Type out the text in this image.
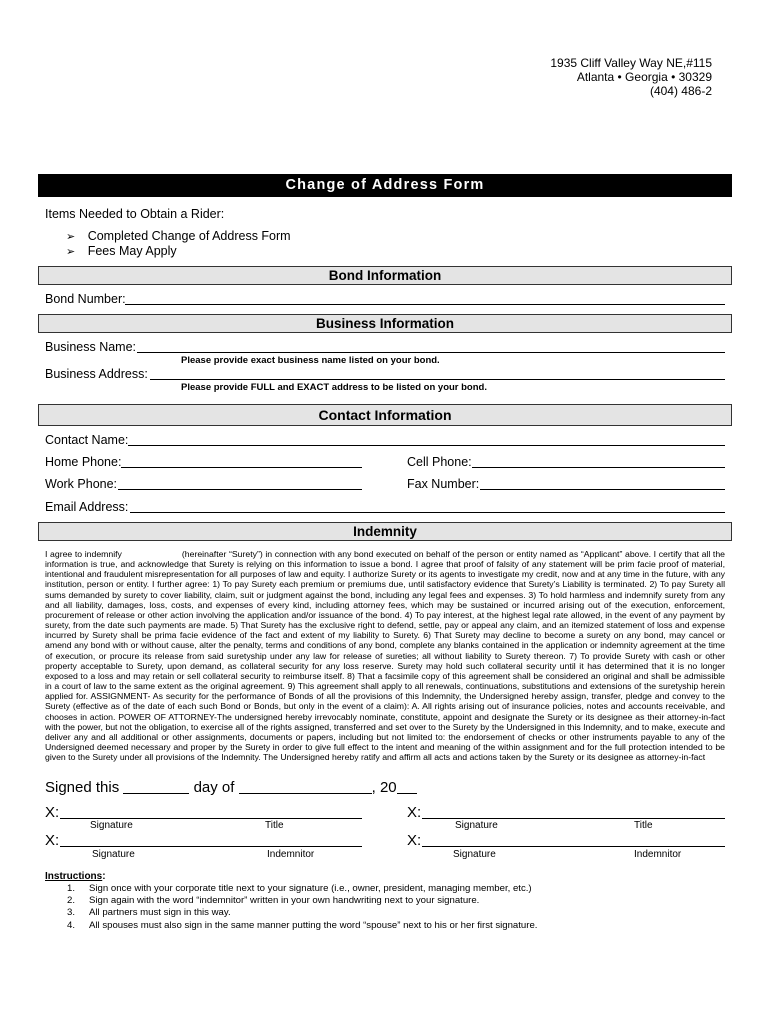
1935 Cliff Valley Way NE,#115
Atlanta • Georgia • 30329
(404) 486-2
Change of Address Form
Items Needed to Obtain a Rider:
➢ Completed Change of Address Form
➢ Fees May Apply
Bond Information
Bond Number:
Business Information
Business Name:
Please provide exact business name listed on your bond.
Business Address:
Please provide FULL and EXACT address to be listed on your bond.
Contact Information
Contact Name:
Home Phone:	Cell Phone:
Work Phone:	Fax Number:
Email Address:
Indemnity

I agree to indemnify	(hereinafter “Surety”) in connection with any bond executed on behalf of the person or entity named as “Applicant” above. I certify that all the information is true, and acknowledge that Surety is relying on this information to issue a bond. I agree that proof of falsity of any statement will be prim facie proof of material, intentional and fraudulent misrepresentation for all purposes of law and equity. I authorize Surety or its agents to investigate my credit, now and at any time in the future, with any institution, person or entity. I further agree: 1) To pay Surety each premium or premiums due, until satisfactory evidence that Surety’s Liability is terminated. 2) To pay Surety all sums demanded by surety to cover liability, claim, suit or judgment against the bond, including any legal fees and expenses. 3) To hold harmless and indemnify surety from any and all liability, damages, loss, costs, and expenses of every kind, including attorney fees, which may be sustained or incurred arising out of the execution, enforcement, procurement of release or other action involving the application and/or issuance of the bond. 4) To pay interest, at the highest legal rate allowed, in the event of any payment by surety, from the date such payments are made. 5) That Surety has the exclusive right to defend, settle, pay or appeal any claim, and an itemized statement of loss and expense incurred by Surety shall be prima facie evidence of the fact and extent of my liability to Surety. 6) That Surety may decline to become a surety on any bond, may cancel or amend any bond with or without cause, alter the penalty, terms and conditions of any bond, complete any blanks contained in the application or indemnity agreement at the time of execution, or procure its release from said suretyship under any law for release of sureties; all without liability to Surety thereon. 7) To provide Surety with cash or other property acceptable to Surety, upon demand, as collateral security for any loss reserve. Surety may hold such collateral security until it has determined that it is no longer exposed to a loss and may retain or sell collateral security to reimburse itself. 8) That a facsimile copy of this agreement shall be considered an original and shall be admissible in a court of law to the same extent as the original agreement. 9) This agreement shall apply to all renewals, continuations, substitutions and extensions of the suretyship herein applied for. ASSIGNMENT- As security for the performance of Bonds of all the provisions of this Indemnity, the Undersigned hereby assign, transfer, pledge and convey to the Surety (effective as of the date of each such Bond or Bonds, but only in the event of a claim): A. All rights arising out of insurance policies, notes and accounts receivable, and chooses in action. POWER OF ATTORNEY-The undersigned hereby irrevocably nominate, constitute, appoint and designate the Surety or its designee as their attorney-in-fact with the power, but not the obligation, to exercise all of the rights assigned, transferred and set over to the Surety by the Undersigned in this Indemnity, and to make, execute and deliver any and all additional or other assignments, documents or papers, including but not limited to: the endorsement of checks or other instruments payable to any of the Undersigned deemed necessary and proper by the Surety in order to give full effect to the intent and meaning of the within assignment and for the full protection intended to be given to the Surety under all provisions of the Indemnity. The Undersigned hereby ratify and affirm all acts and actions taken by the Surety or its designee as attorney-in-fact

Signed this	day of	, 20
X:	X:
Signature	Title	Signature	Title
X:	X:
Signature	Indemnitor	Signature	Indemnitor
Instructions:
1. Sign once with your corporate title next to your signature (i.e., owner, president, managing member, etc.)
2. Sign again with the word “indemnitor” written in your own handwriting next to your signature.
3. All partners must sign in this way.
4. All spouses must also sign in the same manner putting the word “spouse” next to his or her first signature.
